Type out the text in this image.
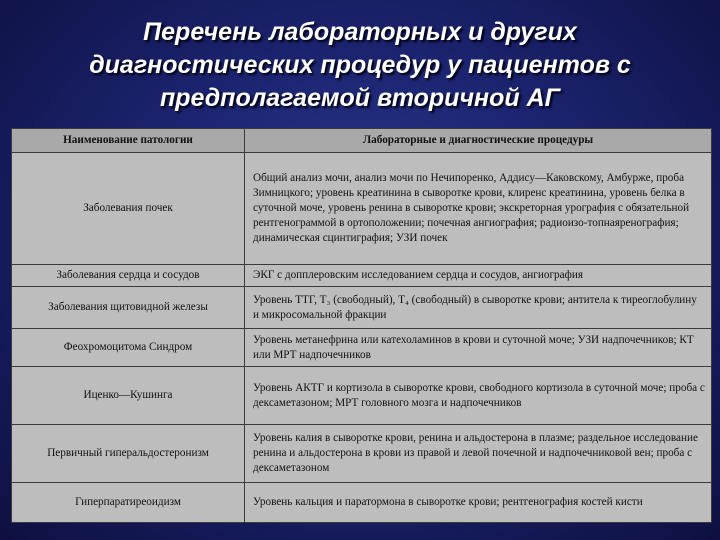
Перечень лабораторных и других
диагностических процедур у пациентов с
предполагаемой вторичной АГ
Наименование патологии	Лабораторные и диагностические процедуры
Заболевания почек	Общий анализ мочи, анализ мочи по Нечипоренко, Аддису—Каковскому, Амбурже, проба Зимницкого; уровень креатинина в сыворотке крови, клиренс креатинина, уровень белка в суточной моче, уровень ренина в сыворотке крови; экскреторная урография с обязательной рентгенограммой в ортоположении; почечная ангиография; радиоизо-топнаяренография; динамическая сцинтиграфия; УЗИ почек
Заболевания сердца и сосудов	ЭКГ с допплеровским исследованием сердца и сосудов, ангиография
Заболевания щитовидной железы	Уровень ТТГ, Т₃ (свободный), Т₄ (свободный) в сыворотке крови; антитела к тиреоглобулину и микросомальной фракции
Феохромоцитома Синдром	Уровень метанефрина или катехоламинов в крови и суточной моче; УЗИ надпочечников; КТ или МРТ надпочечников
Иценко—Кушинга	Уровень АКТГ и кортизола в сыворотке крови, свободного кортизола в суточной моче; проба с дексаметазоном; МРТ головного мозга и надпочечников
Первичный гиперальдостеронизм	Уровень калия в сыворотке крови, ренина и альдостерона в плазме; раздельное исследование ренина и альдостерона в крови из правой и левой почечной и надпочечниковой вен; проба с дексаметазоном
Гиперпаратиреоидизм	Уровень кальция и паратормона в сыворотке крови; рентгенография костей кисти
